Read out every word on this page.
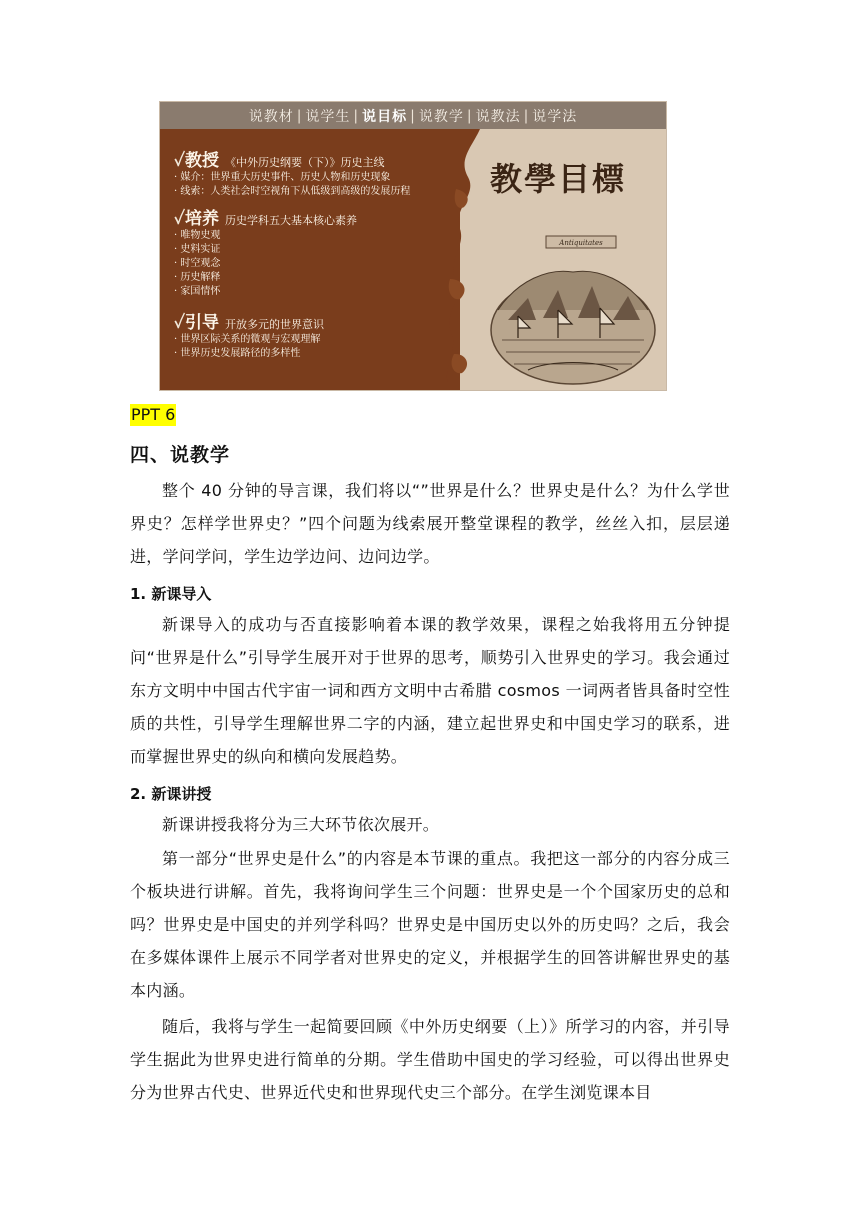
说教材 | 说学生 | 说目标 | 说教学 | 说教法 | 说学法
教學目標
Antiquitates
✓教授 《中外历史纲要（下）》历史主线
· 媒介：世界重大历史事件、历史人物和历史现象
· 线索：人类社会时空视角下从低级到高级的发展历程
✓培养 历史学科五大基本核心素养
· 唯物史观
· 史料实证
· 时空观念
· 历史解释
· 家国情怀
✓引导 开放多元的世界意识
· 世界区际关系的微观与宏观理解
· 世界历史发展路径的多样性
PPT 6
四、说教学
整个 40 分钟的导言课，我们将以“”世界是什么？世界史是什么？为什么学世界史？怎样学世界史？”四个问题为线索展开整堂课程的教学，丝丝入扣，层层递进，学问学问，学生边学边问、边问边学。
1. 新课导入
新课导入的成功与否直接影响着本课的教学效果，课程之始我将用五分钟提问“世界是什么”引导学生展开对于世界的思考，顺势引入世界史的学习。我会通过东方文明中中国古代宇宙一词和西方文明中古希腊 cosmos 一词两者皆具备时空性质的共性，引导学生理解世界二字的内涵，建立起世界史和中国史学习的联系，进而掌握世界史的纵向和横向发展趋势。
2. 新课讲授
新课讲授我将分为三大环节依次展开。
第一部分“世界史是什么”的内容是本节课的重点。我把这一部分的内容分成三个板块进行讲解。首先，我将询问学生三个问题：世界史是一个个国家历史的总和吗？世界史是中国史的并列学科吗？世界史是中国历史以外的历史吗？之后，我会在多媒体课件上展示不同学者对世界史的定义，并根据学生的回答讲解世界史的基本内涵。
随后，我将与学生一起简要回顾《中外历史纲要（上）》所学习的内容，并引导学生据此为世界史进行简单的分期。学生借助中国史的学习经验，可以得出世界史分为世界古代史、世界近代史和世界现代史三个部分。在学生浏览课本目
